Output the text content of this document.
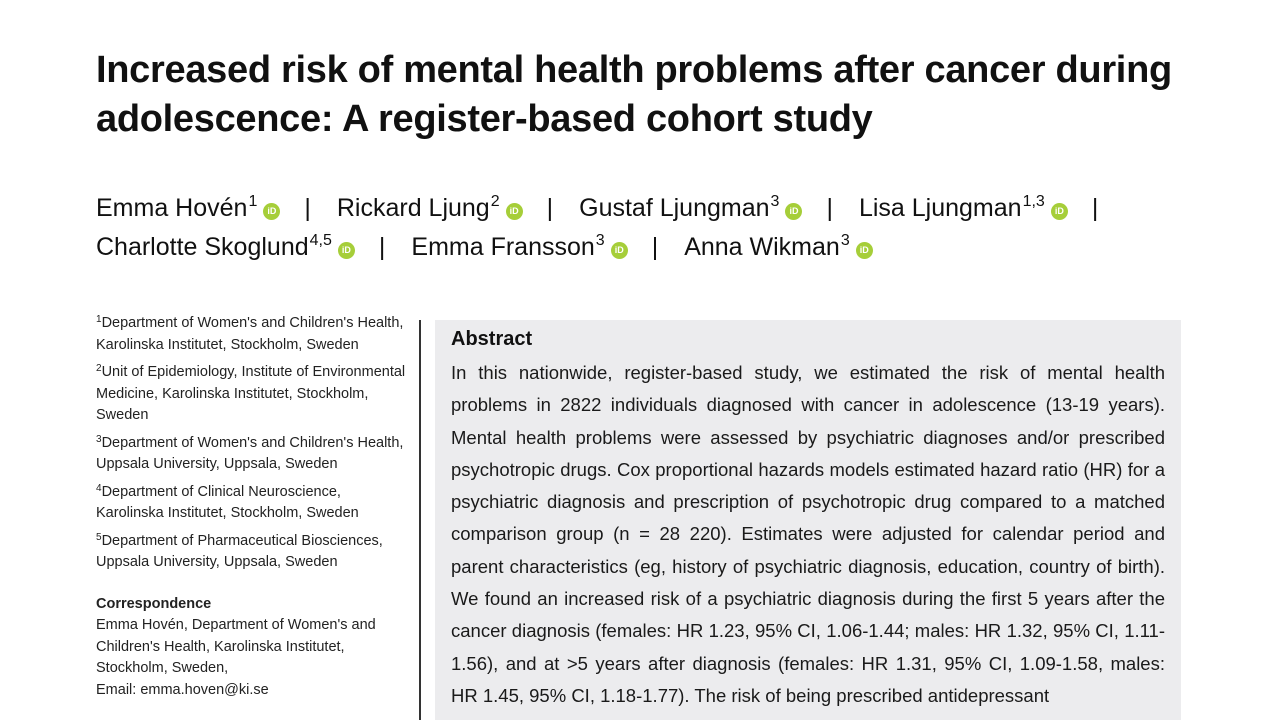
Increased risk of mental health problems after cancer during adolescence: A register-based cohort study
Emma Hovén$^1$iD | Rickard Ljung$^2$iD | Gustaf Ljungman$^3$iD | Lisa Ljungman$^{1,3}$iD |
Charlotte Skoglund$^{4,5}$iD | Emma Fransson$^3$iD | Anna Wikman$^3$iD
$^1$Department of Women's and Children's Health, Karolinska Institutet, Stockholm, Sweden
$^2$Unit of Epidemiology, Institute of Environmental Medicine, Karolinska Institutet, Stockholm, Sweden
$^3$Department of Women's and Children's Health, Uppsala University, Uppsala, Sweden
$^4$Department of Clinical Neuroscience, Karolinska Institutet, Stockholm, Sweden
$^5$Department of Pharmaceutical Biosciences, Uppsala University, Uppsala, Sweden
Correspondence
Emma Hovén, Department of Women's and Children's Health, Karolinska Institutet, Stockholm, Sweden,
Email: emma.hoven@ki.se
Abstract

In this nationwide, register-based study, we estimated the risk of mental health problems in 2822 individuals diagnosed with cancer in adolescence (13-19 years). Mental health problems were assessed by psychiatric diagnoses and/or prescribed psychotropic drugs. Cox proportional hazards models estimated hazard ratio (HR) for a psychiatric diagnosis and prescription of psychotropic drug compared to a matched comparison group (n = 28 220). Estimates were adjusted for calendar period and parent characteristics (eg, history of psychiatric diagnosis, education, country of birth). We found an increased risk of a psychiatric diagnosis during the first 5 years after the cancer diagnosis (females: HR 1.23, 95% CI, 1.06-1.44; males: HR 1.32, 95% CI, 1.11-1.56), and at >5 years after diagnosis (females: HR 1.31, 95% CI, 1.09-1.58, males: HR 1.45, 95% CI, 1.18-1.77). The risk of being prescribed antidepressant
